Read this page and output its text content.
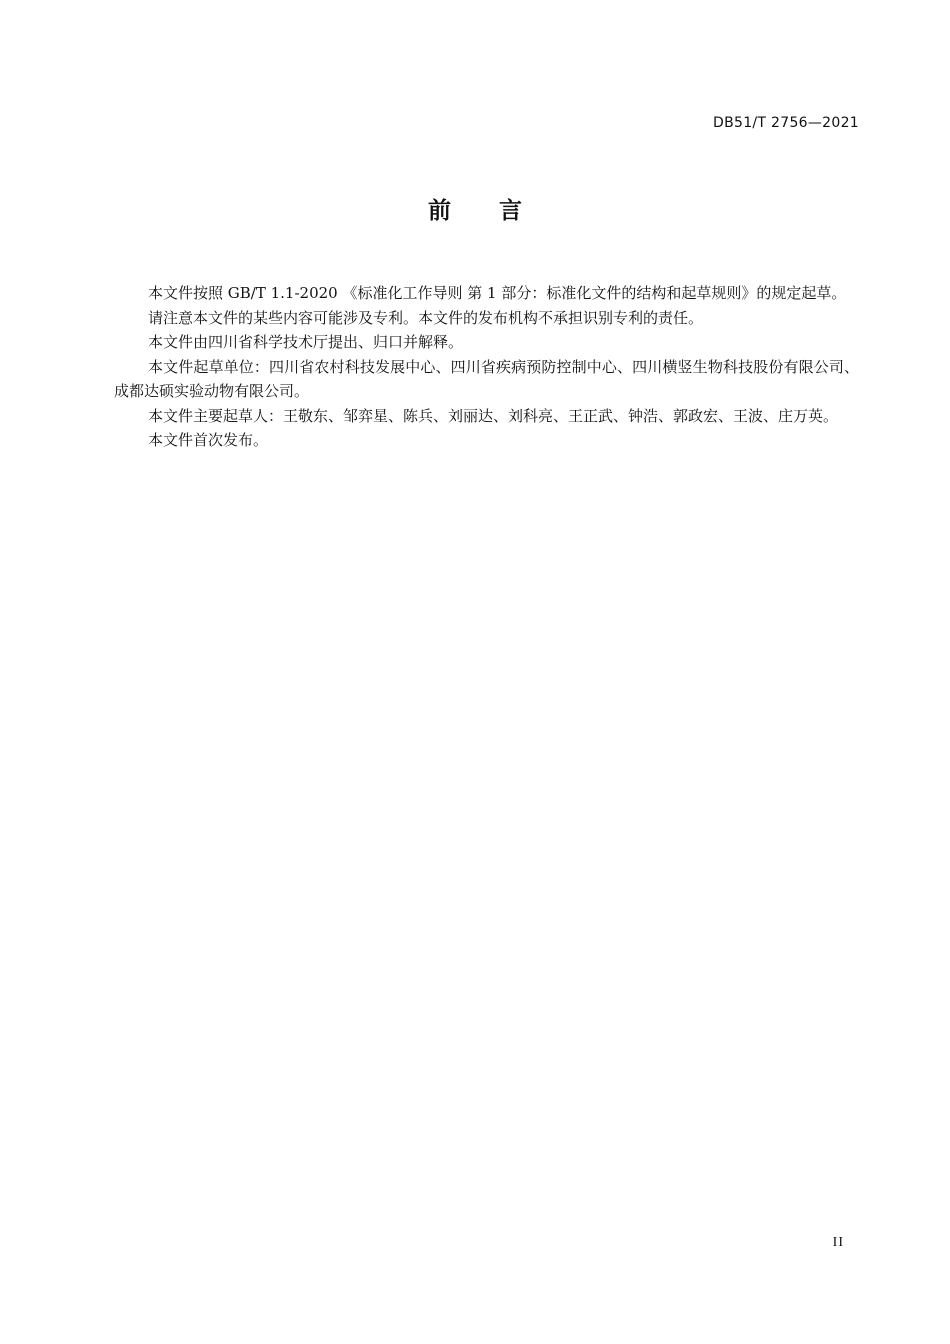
DB51/T 2756—2021
前 言

本文件按照 GB/T 1.1-2020 《标准化工作导则 第 1 部分：标准化文件的结构和起草规则》的规定起草。

请注意本文件的某些内容可能涉及专利。本文件的发布机构不承担识别专利的责任。

本文件由四川省科学技术厅提出、归口并解释。

本文件起草单位：四川省农村科技发展中心、四川省疾病预防控制中心、四川横竖生物科技股份有限公司、成都达硕实验动物有限公司。

本文件主要起草人：王敬东、邹弈星、陈兵、刘丽达、刘科亮、王正武、钟浩、郭政宏、王波、庄万英。

本文件首次发布。

II
